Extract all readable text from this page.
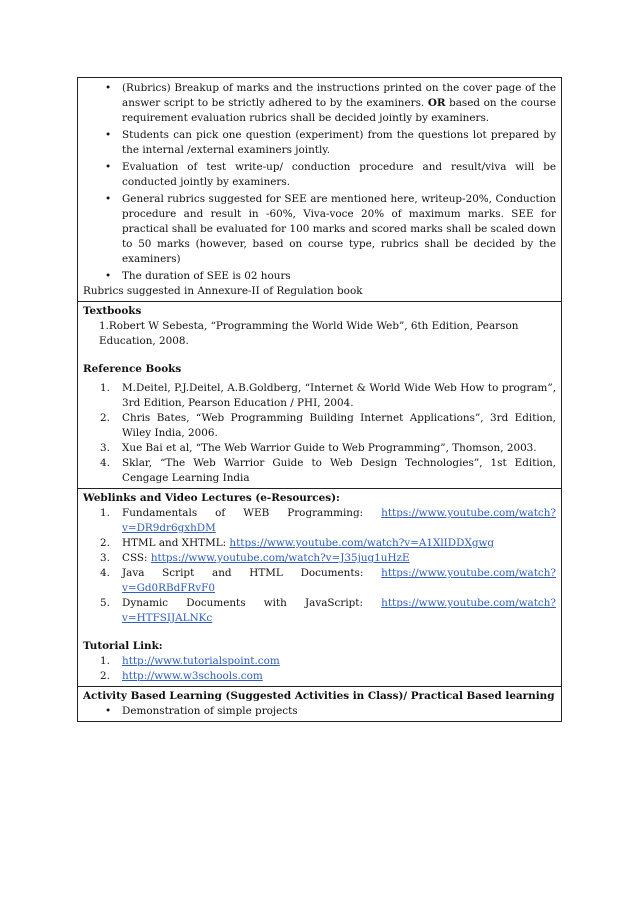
• (Rubrics) Breakup of marks and the instructions printed on the cover page of the answer script to be strictly adhered to by the examiners. OR based on the course requirement evaluation rubrics shall be decided jointly by examiners.
• Students can pick one question (experiment) from the questions lot prepared by the internal /external examiners jointly.
• Evaluation of test write-up/ conduction procedure and result/viva will be conducted jointly by examiners.
• General rubrics suggested for SEE are mentioned here, writeup-20%, Conduction procedure and result in -60%, Viva-voce 20% of maximum marks. SEE for practical shall be evaluated for 100 marks and scored marks shall be scaled down to 50 marks (however, based on course type, rubrics shall be decided by the examiners)
• The duration of SEE is 02 hours

Rubrics suggested in Annexure-II of Regulation book

Textbooks
1.Robert W Sebesta, “Programming the World Wide Web”, 6th Edition, Pearson Education, 2008.
Reference Books
1. M.Deitel, P.J.Deitel, A.B.Goldberg, “Internet & World Wide Web How to program”, 3rd Edition, Pearson Education / PHI, 2004.
2. Chris Bates, “Web Programming Building Internet Applications”, 3rd Edition, Wiley India, 2006.
3. Xue Bai et al, “The Web Warrior Guide to Web Programming”, Thomson, 2003.
4. Sklar, “The Web Warrior Guide to Web Design Technologies”, 1st Edition, Cengage Learning India
Weblinks and Video Lectures (e-Resources):
1. Fundamentals of WEB Programming: https://www.youtube.com/watch?v=DR9dr6gxhDM
2. HTML and XHTML: https://www.youtube.com/watch?v=A1XlIDDXgwg
3. CSS: https://www.youtube.com/watch?v=J35jug1uHzE
4. Java Script and HTML Documents: https://www.youtube.com/watch?v=Gd0RBdFRvF0
5. Dynamic Documents with JavaScript: https://www.youtube.com/watch?v=HTFSIJALNKc
Tutorial Link:
1. http://www.tutorialspoint.com
2. http://www.w3schools.com
Activity Based Learning (Suggested Activities in Class)/ Practical Based learning
• Demonstration of simple projects
